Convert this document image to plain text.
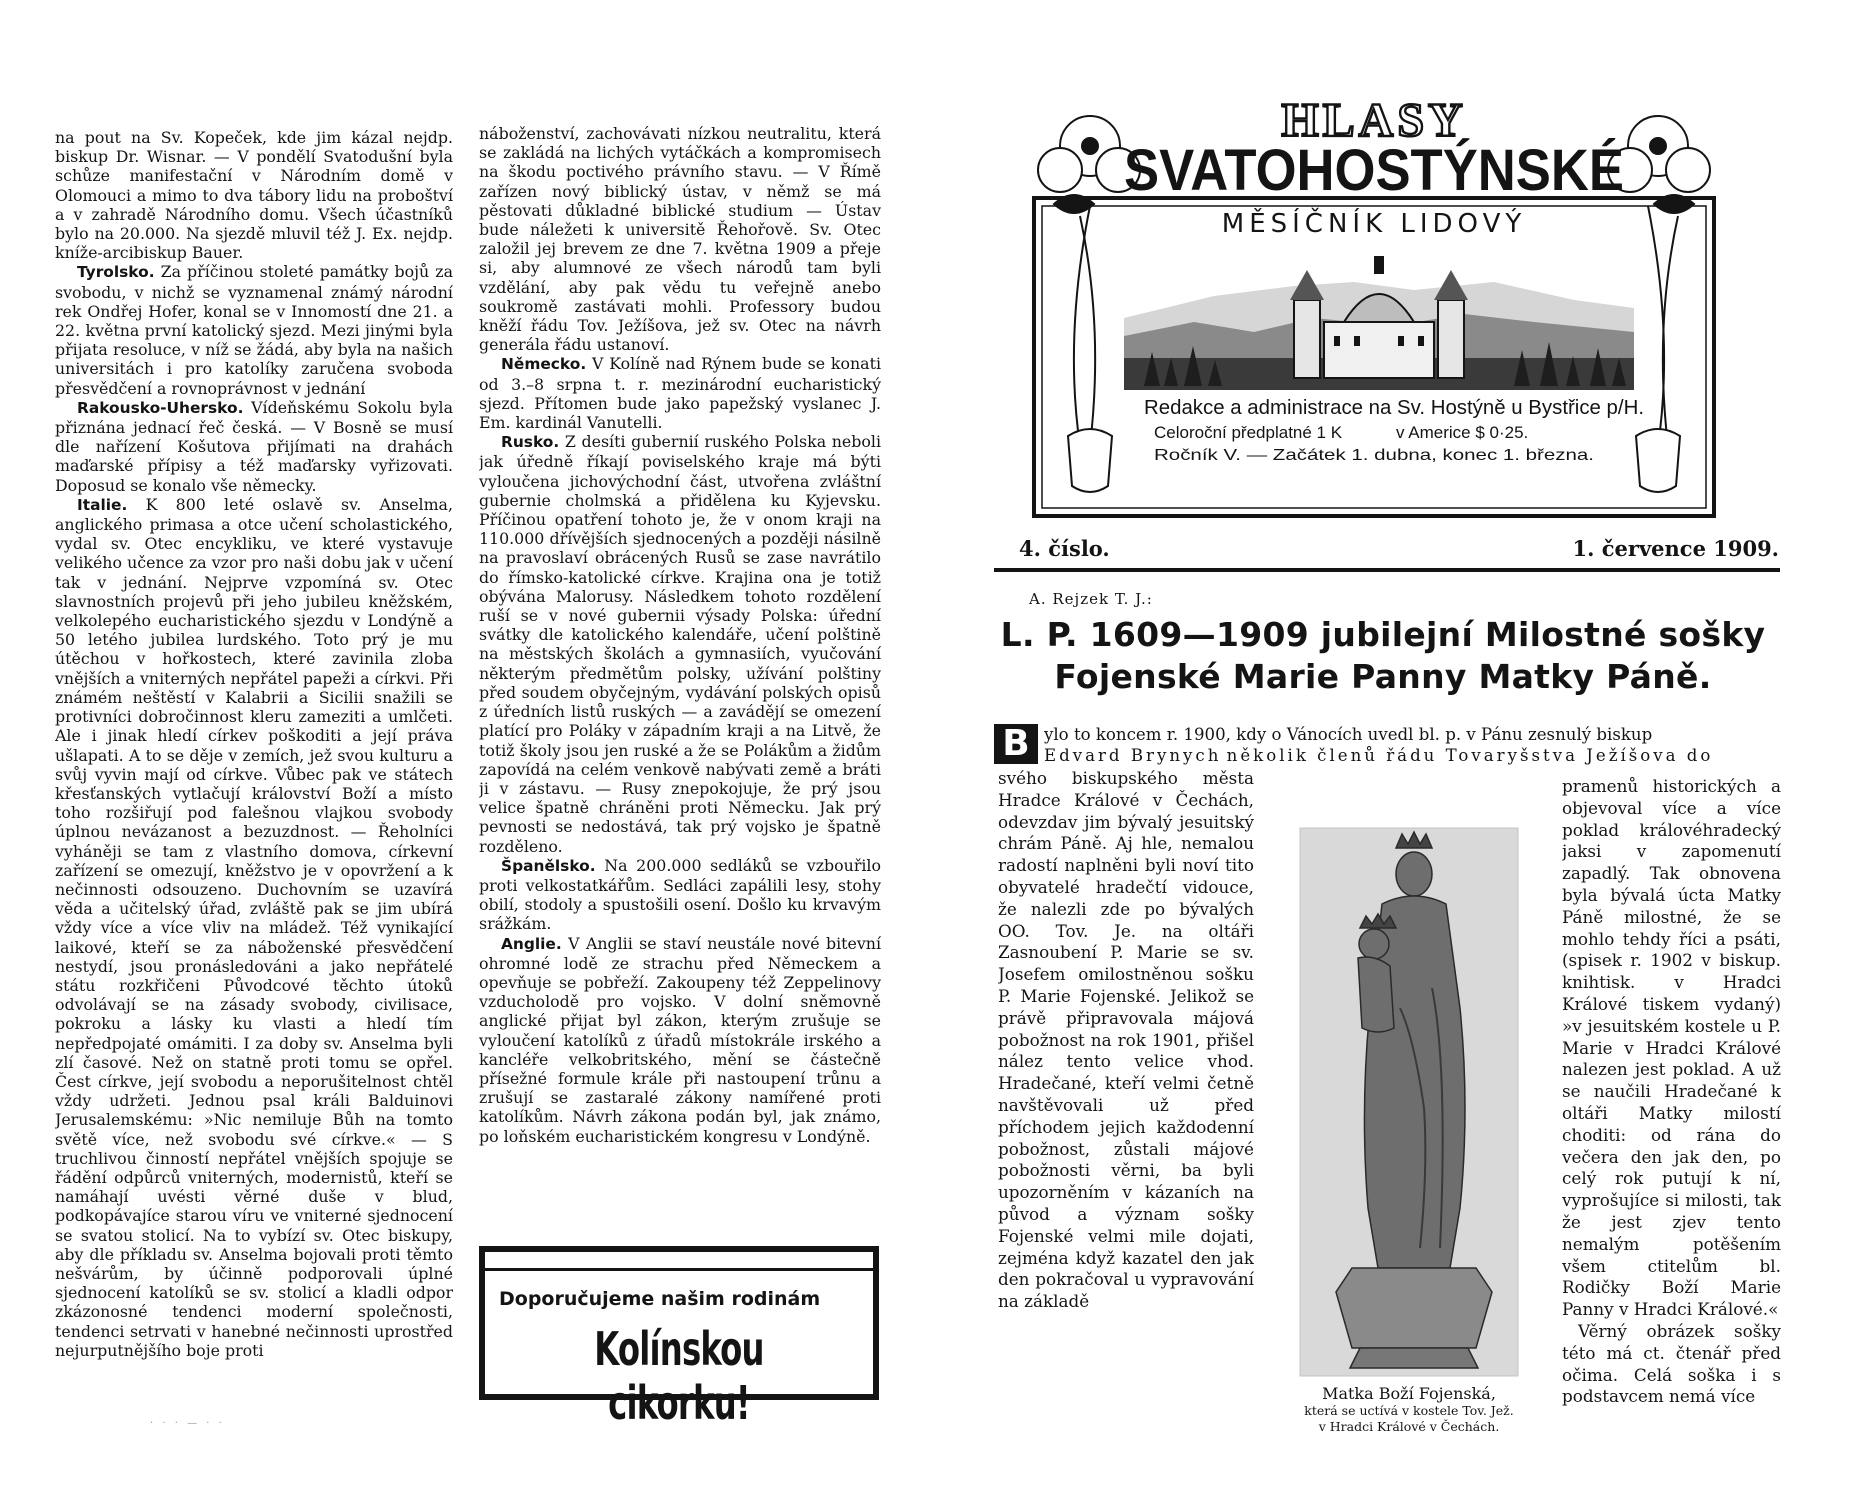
na pout na Sv. Kopeček, kde jim kázal nejdp. biskup Dr. Wisnar. — V pondělí Svatodušní byla schůze manifestační v Národním domě v Olomouci a mimo to dva tábory lidu na proboštví a v zahradě Národního domu. Všech účastníků bylo na 20.000. Na sjezdě mluvil též J. Ex. nejdp. kníže-arcibiskup Bauer.

Tyrolsko. Za příčinou stoleté památky bojů za svobodu, v nichž se vyznamenal známý národní rek Ondřej Hofer, konal se v Innomostí dne 21. a 22. května první katolický sjezd. Mezi jinými byla přijata resoluce, v níž se žádá, aby byla na našich universitách i pro katolíky zaručena svoboda přesvědčení a rovnoprávnost v jednání

Rakousko-Uhersko. Vídeňskému Sokolu byla přiznána jednací řeč česká. — V Bosně se musí dle nařízení Košutova přijímati na drahách maďarské přípisy a též maďarsky vyřizovati. Doposud se konalo vše německy.

Italie. K 800 leté oslavě sv. Anselma, anglického primasa a otce učení scholastického, vydal sv. Otec encykliku, ve které vystavuje velikého učence za vzor pro naši dobu jak v učení tak v jednání. Nejprve vzpomíná sv. Otec slavnostních projevů při jeho jubileu kněžském, velkolepého eucharistického sjezdu v Londýně a 50 letého jubilea lurdského. Toto prý je mu útěchou v hořkostech, které zavinila zloba vnějších a vniterných nepřátel papeži a církvi. Při známém neštěstí v Kalabrii a Sicilii snažili se protivníci dobročinnost kleru zameziti a umlčeti. Ale i jinak hledí církev poškoditi a její práva ušlapati. A to se děje v zemích, jež svou kulturu a svůj vyvin mají od církve. Vůbec pak ve státech křesťanských vytlačují království Boží a místo toho rozšiřují pod falešnou vlajkou svobody úplnou nevázanost a bezuzdnost. — Řeholníci vyháněji se tam z vlastního domova, církevní zařízení se omezují, kněžstvo je v opovržení a k nečinnosti odsouzeno. Duchovním se uzavírá věda a učitelský úřad, zvláště pak se jim ubírá vždy více a více vliv na mládež. Též vynikající laikové, kteří se za náboženské přesvědčení nestydí, jsou pronásledováni a jako nepřátelé státu rozkřičeni Původcové těchto útoků odvolávají se na zásady svobody, civilisace, pokroku a lásky ku vlasti a hledí tím nepředpojaté omámiti. I za doby sv. Anselma byli zlí časové. Než on statně proti tomu se opřel. Čest církve, její svobodu a neporušitelnost chtěl vždy udržeti. Jednou psal králi Balduinovi Jerusalemskému: »Nic nemiluje Bůh na tomto světě více, než svobodu své církve.« — S truchlivou činností nepřátel vnějších spojuje se řádění odpůrců vniterných, modernistů, kteří se namáhají uvésti věrné duše v blud, podkopávajíce starou víru ve vniterné sjednocení se svatou stolicí. Na to vybízí sv. Otec biskupy, aby dle příkladu sv. Anselma bojovali proti těmto nešvárům, by účinně podporovali úplné sjednocení katolíků se sv. stolicí a kladli odpor zkázonosné tendenci moderní společnosti, tendenci setrvati v hanebné nečinnosti uprostřed nejurputnějšího boje proti

náboženství, zachovávati nízkou neutralitu, která se zakládá na lichých vytáčkách a kompromisech na škodu poctivého právního stavu. — V Římě zařízen nový biblický ústav, v němž se má pěstovati důkladné biblické studium — Ústav bude náležeti k universitě Řehořově. Sv. Otec založil jej brevem ze dne 7. května 1909 a přeje si, aby alumnové ze všech národů tam byli vzdělání, aby pak vědu tu veřejně anebo soukromě zastávati mohli. Professory budou kněží řádu Tov. Ježíšova, jež sv. Otec na návrh generála řádu ustanoví.

Německo. V Kolíně nad Rýnem bude se konati od 3.–8 srpna t. r. mezinárodní eucharistický sjezd. Přítomen bude jako papežský vyslanec J. Em. kardinál Vanutelli.

Rusko. Z desíti gubernií ruského Polska neboli jak úředně říkají poviselského kraje má býti vyloučena jichovýchodní část, utvořena zvláštní gubernie cholmská a přidělena ku Kyjevsku. Příčinou opatření tohoto je, že v onom kraji na 110.000 dřívějších sjednocených a později násilně na pravoslaví obrácených Rusů se zase navrátilo do římsko-katolické církve. Krajina ona je totiž obývána Malorusy. Následkem tohoto rozdělení ruší se v nové gubernii výsady Polska: úřední svátky dle katolického kalendáře, učení polštině na městských školách a gymnasiích, vyučování některým předmětům polsky, užívání polštiny před soudem obyčejným, vydávání polských opisů z úředních listů ruských — a zavádějí se omezení platící pro Poláky v západním kraji a na Litvě, že totiž školy jsou jen ruské a že se Polákům a židům zapovídá na celém venkově nabývati země a bráti ji v zástavu. — Rusy znepokojuje, že prý jsou velice špatně chráněni proti Německu. Jak prý pevnosti se nedostává, tak prý vojsko je špatně rozděleno.

Španělsko. Na 200.000 sedláků se vzbouřilo proti velkostatkářům. Sedláci zapálili lesy, stohy obilí, stodoly a spustošili osení. Došlo ku krvavým srážkám.

Anglie. V Anglii se staví neustále nové bitevní ohromné lodě ze strachu před Německem a opevňuje se pobřeží. Zakoupeny též Zeppelinovy vzducholodě pro vojsko. V dolní sněmovně anglické přijat byl zákon, kterým zrušuje se vyloučení katolíků z úřadů místokrále irského a kancléře velkobritského, mění se částečně přísežné formule krále při nastoupení trůnu a zrušují se zastaralé zákony namířené proti katolíkům. Návrh zákona podán byl, jak známo, po loňském eucharistickém kongresu v Londýně.

Doporučujeme našim rodinám
Kolínskou cikorku!
· · · — · ·
HLASY
SVATOHOSTÝNSKÉ
MĚSÍČNÍK LIDOVÝ
Redakce a administrace na Sv. Hostýně u Bystřice p/H.
Celoroční předplatné 1 K	v Americe $ 0·25.
Ročník V. — Začátek 1. dubna, konec 1. března.
4. číslo.	1. července 1909.
A. Rejzek T. J.:
L. P. 1609—1909 jubilejní Milostné sošky
Fojenské Marie Panny Matky Páně.
B ylo to koncem r. 1900, kdy o Vánocích uvedl bl. p. v Pánu zesnulý biskup

Edvard Brynych několik členů řádu Tovaryšstva Ježíšova do

svého biskupského města Hradce Králové v Čechách, odevzdav jim bývalý jesuitský chrám Páně. Aj hle, nemalou radostí naplněni byli noví tito obyvatelé hradečtí vidouce, že nalezli zde po bývalých OO. Tov. Je. na oltáři Zasnoubení P. Marie se sv. Josefem omilostněnou sošku P. Marie Fojenské. Jelikož se právě připravovala májová pobožnost na rok 1901, přišel nález tento velice vhod. Hradečané, kteří velmi četně navštěvovali už před příchodem jejich každodenní pobožnost, zůstali májové pobožnosti věrni, ba byli upozorněním v kázaních na původ a význam sošky Fojenské velmi mile dojati, zejména když kazatel den jak den pokračoval u vypravování na základě

Matka Boží Fojenská,
která se uctívá v kostele Tov. Jež.
v Hradci Králové v Čechách.

pramenů historických a objevoval více a více poklad královéhradecký jaksi v zapomenutí zapadlý. Tak obnovena byla bývalá úcta Matky Páně milostné, že se mohlo tehdy říci a psáti, (spisek r. 1902 v biskup. knihtisk. v Hradci Králové tiskem vydaný) »v jesuitském kostele u P. Marie v Hradci Králové nalezen jest poklad. A už se naučili Hradečané k oltáři Matky milostí choditi: od rána do večera den jak den, po celý rok putují k ní, vyprošujíce si milosti, tak že jest zjev tento nemalým potěšením všem ctitelům bl. Rodičky Boží Marie Panny v Hradci Králové.«

Věrný obrázek sošky této má ct. čtenář před očima. Celá soška i s podstavcem nemá více
